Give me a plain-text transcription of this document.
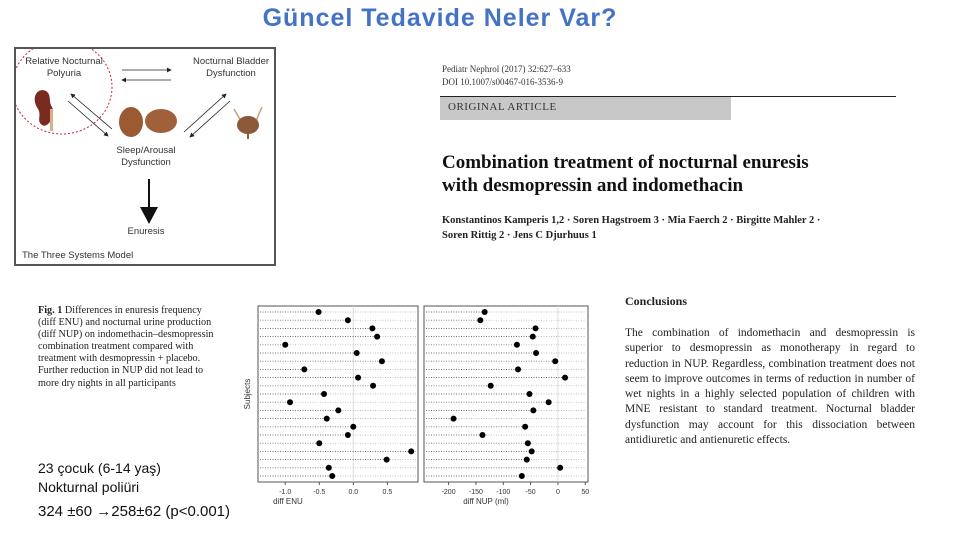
Güncel Tedavide Neler Var?
Relative Nocturnal
Polyuria
Nocturnal Bladder
Dysfunction
Sleep/Arousal
Dysfunction
Enuresis
The Three Systems Model
Pediatr Nephrol (2017) 32:627–633
DOI 10.1007/s00467-016-3536-9
ORIGINAL ARTICLE
Combination treatment of nocturnal enuresis
with desmopressin and indomethacin
Konstantinos Kamperis 1,2 · Soren Hagstroem 3 · Mia Faerch 2 · Birgitte Mahler 2 ·
Soren Rittig 2 · Jens C Djurhuus 1
Fig. 1 Differences in enuresis frequency (diff ENU) and nocturnal urine production (diff NUP) on indomethacin–desmopressin combination treatment compared with treatment with desmopressin + placebo. Further reduction in NUP did not lead to more dry nights in all participants
-1.0	-0.5	0.0	0.5
diff ENU
-200 -150 -100 -50	0	50
diff NUP (ml)
Subjects
23 çocuk (6-14 yaş)
Nokturnal poliüri
324 ±60 →258±62 (p<0.001)
Conclusions

The combination of indomethacin and desmopressin is superior to desmopressin as monotherapy in regard to reduction in NUP. Regardless, combination treatment does not seem to improve outcomes in terms of reduction in number of wet nights in a highly selected population of children with MNE resistant to standard treatment. Nocturnal bladder dysfunction may account for this dissociation between antidiuretic and antienuretic effects.
